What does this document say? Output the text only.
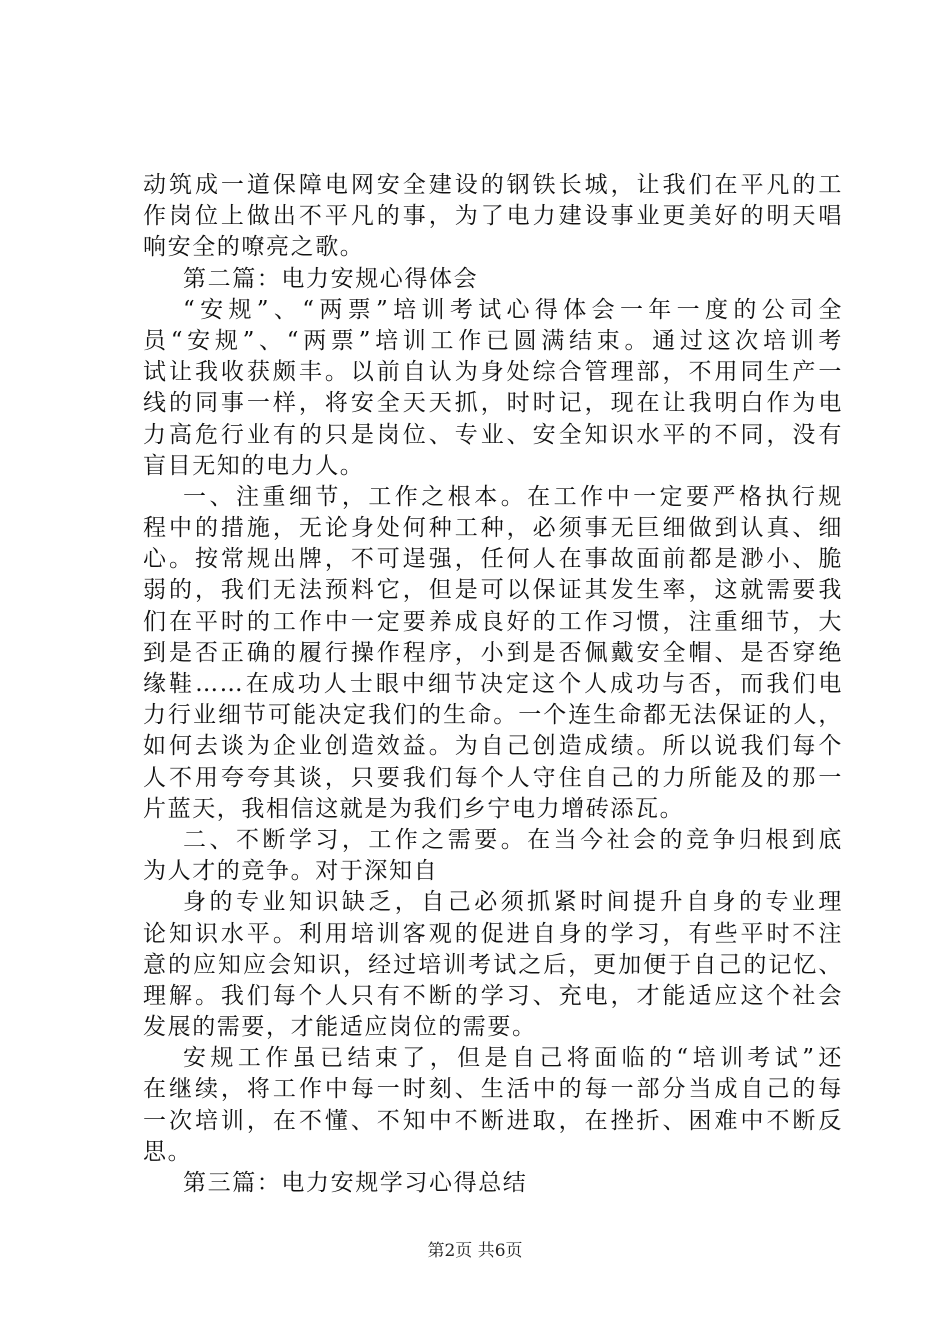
动筑成一道保障电网安全建设的钢铁长城，让我们在平凡的工
作岗位上做出不平凡的事，为了电力建设事业更美好的明天唱
响安全的嘹亮之歌。
第二篇：电力安规心得体会
“安规”、“两票”培训考试心得体会一年一度的公司全
员“安规”、“两票”培训工作已圆满结束。通过这次培训考
试让我收获颇丰。以前自认为身处综合管理部，不用同生产一
线的同事一样，将安全天天抓，时时记，现在让我明白作为电
力高危行业有的只是岗位、专业、安全知识水平的不同，没有
盲目无知的电力人。
一、注重细节，工作之根本。在工作中一定要严格执行规
程中的措施，无论身处何种工种，必须事无巨细做到认真、细
心。按常规出牌，不可逞强，任何人在事故面前都是渺小、脆
弱的，我们无法预料它，但是可以保证其发生率，这就需要我
们在平时的工作中一定要养成良好的工作习惯，注重细节，大
到是否正确的履行操作程序，小到是否佩戴安全帽、是否穿绝
缘鞋……在成功人士眼中细节决定这个人成功与否，而我们电
力行业细节可能决定我们的生命。一个连生命都无法保证的人，
如何去谈为企业创造效益。为自己创造成绩。所以说我们每个
人不用夸夸其谈，只要我们每个人守住自己的力所能及的那一
片蓝天，我相信这就是为我们乡宁电力增砖添瓦。
二、不断学习，工作之需要。在当今社会的竞争归根到底
为人才的竞争。对于深知自
身的专业知识缺乏，自己必须抓紧时间提升自身的专业理
论知识水平。利用培训客观的促进自身的学习，有些平时不注
意的应知应会知识，经过培训考试之后，更加便于自己的记忆、
理解。我们每个人只有不断的学习、充电，才能适应这个社会
发展的需要，才能适应岗位的需要。
安规工作虽已结束了，但是自己将面临的“培训考试”还
在继续，将工作中每一时刻、生活中的每一部分当成自己的每
一次培训，在不懂、不知中不断进取，在挫折、困难中不断反
思。
第三篇：电力安规学习心得总结
第2页 共6页
